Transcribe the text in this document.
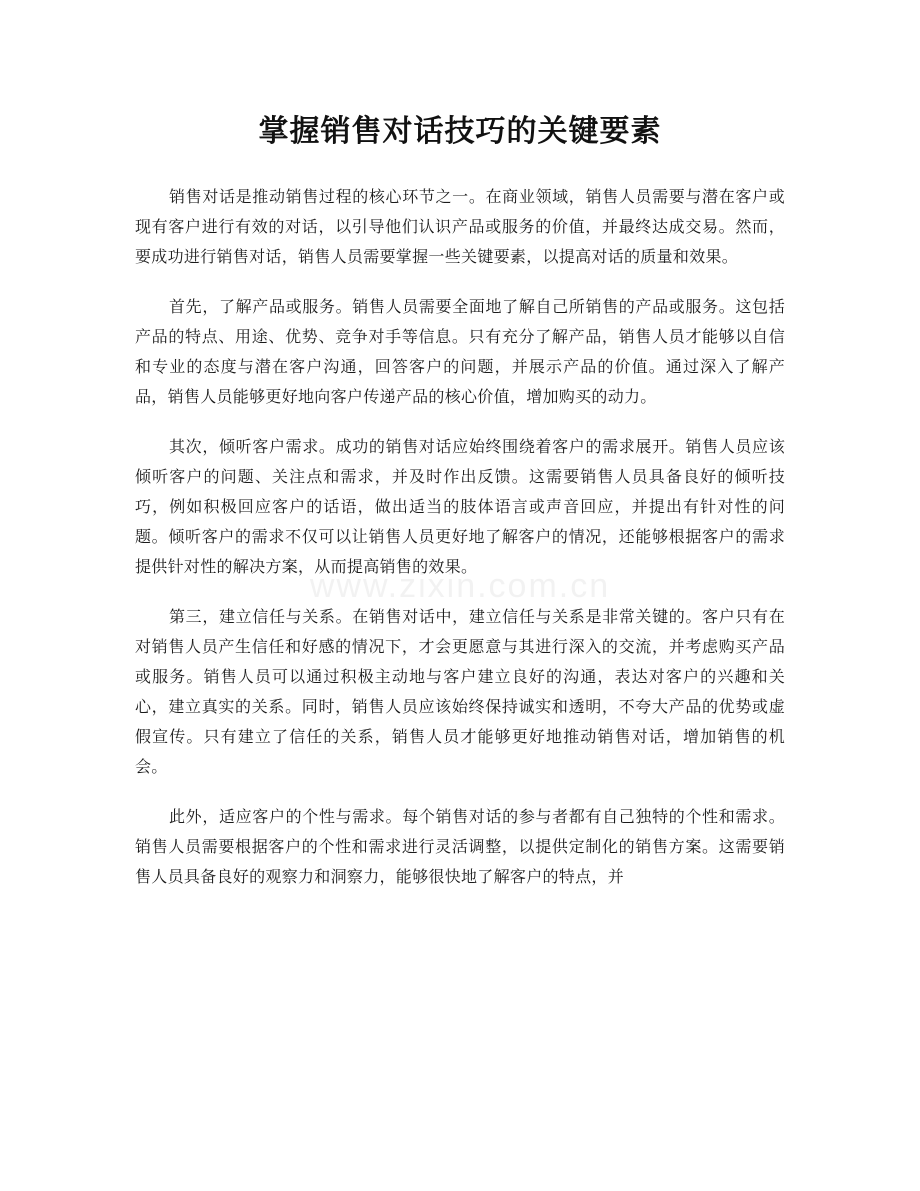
掌握销售对话技巧的关键要素
www.zixin.com.cn

销售对话是推动销售过程的核心环节之一。在商业领域，销售人员需要与潜在客户或现有客户进行有效的对话，以引导他们认识产品或服务的价值，并最终达成交易。然而，要成功进行销售对话，销售人员需要掌握一些关键要素，以提高对话的质量和效果。

首先，了解产品或服务。销售人员需要全面地了解自己所销售的产品或服务。这包括产品的特点、用途、优势、竞争对手等信息。只有充分了解产品，销售人员才能够以自信和专业的态度与潜在客户沟通，回答客户的问题，并展示产品的价值。通过深入了解产品，销售人员能够更好地向客户传递产品的核心价值，增加购买的动力。

其次，倾听客户需求。成功的销售对话应始终围绕着客户的需求展开。销售人员应该倾听客户的问题、关注点和需求，并及时作出反馈。这需要销售人员具备良好的倾听技巧，例如积极回应客户的话语，做出适当的肢体语言或声音回应，并提出有针对性的问题。倾听客户的需求不仅可以让销售人员更好地了解客户的情况，还能够根据客户的需求提供针对性的解决方案，从而提高销售的效果。

第三，建立信任与关系。在销售对话中，建立信任与关系是非常关键的。客户只有在对销售人员产生信任和好感的情况下，才会更愿意与其进行深入的交流，并考虑购买产品或服务。销售人员可以通过积极主动地与客户建立良好的沟通，表达对客户的兴趣和关心，建立真实的关系。同时，销售人员应该始终保持诚实和透明，不夸大产品的优势或虚假宣传。只有建立了信任的关系，销售人员才能够更好地推动销售对话，增加销售的机会。

此外，适应客户的个性与需求。每个销售对话的参与者都有自己独特的个性和需求。销售人员需要根据客户的个性和需求进行灵活调整，以提供定制化的销售方案。这需要销售人员具备良好的观察力和洞察力，能够很快地了解客户的特点，并
